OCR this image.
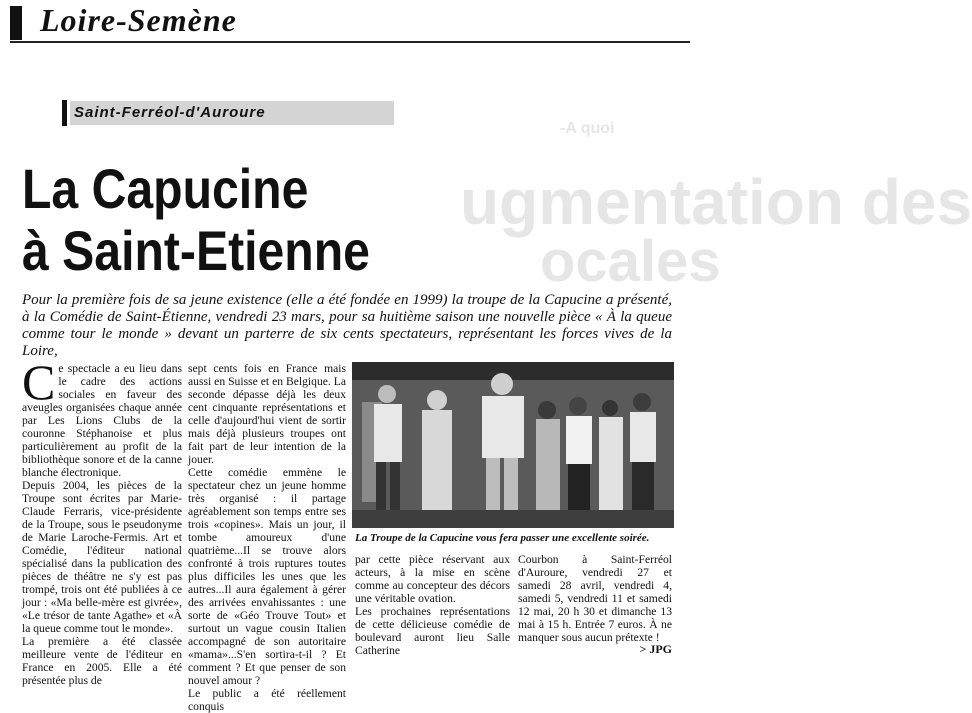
Loire-Semène
-A quoi
ugmentation des
ocales
Saint-Ferréol-d'Auroure
La Capucine
à Saint-Etienne

Pour la première fois de sa jeune existence (elle a été fondée en 1999) la troupe de la Capucine a présenté, à la Comédie de Saint-Étienne, vendredi 23 mars, pour sa huitième saison une nouvelle pièce « À la queue comme tour le monde » devant un parterre de six cents spectateurs, représentant les forces vives de la Loire,

Ce spectacle a eu lieu dans le cadre des actions sociales en faveur des aveugles organisées chaque année par Les Lions Clubs de la couronne Stéphanoise et plus particulièrement au profit de la bibliothèque sonore et de la canne blanche électronique.

Depuis 2004, les pièces de la Troupe sont écrites par Marie-Claude Ferraris, vice-présidente de la Troupe, sous le pseudonyme de Marie Laroche-Fermis. Art et Comédie, l'éditeur national spécialisé dans la publication des pièces de théâtre ne s'y est pas trompé, trois ont été publiées à ce jour : «Ma belle-mère est givrée», «Le trésor de tante Agathe» et «À la queue comme tout le monde».

La première a été classée meilleure vente de l'éditeur en France en 2005. Elle a été présentée plus de

sept cents fois en France mais aussi en Suisse et en Belgique. La seconde dépasse déjà les deux cent cinquante représentations et celle d'aujourd'hui vient de sortir mais déjà plusieurs troupes ont fait part de leur intention de la jouer.

Cette comédie emmène le spectateur chez un jeune homme très organisé : il partage agréablement son temps entre ses trois «copines». Mais un jour, il tombe amoureux d'une quatrième...Il se trouve alors confronté à trois ruptures toutes plus difficiles les unes que les autres...Il aura également à gérer des arrivées envahissantes : une sorte de «Géo Trouve Tout» et surtout un vague cousin Italien accompagné de son autoritaire «mama»...S'en sortira-t-il ? Et comment ? Et que penser de son nouvel amour ?

Le public a été réellement conquis

La Troupe de la Capucine vous fera passer une excellente soirée.

par cette pièce réservant aux acteurs, à la mise en scène comme au concepteur des décors une véritable ovation.

Les prochaines représentations de cette délicieuse comédie de boulevard auront lieu Salle Catherine

Courbon à Saint-Ferréol d'Auroure, vendredi 27 et samedi 28 avril, vendredi 4, samedi 5, vendredi 11 et samedi 12 mai, 20 h 30 et dimanche 13 mai à 15 h. Entrée 7 euros. À ne manquer sous aucun prétexte !

> JPG
